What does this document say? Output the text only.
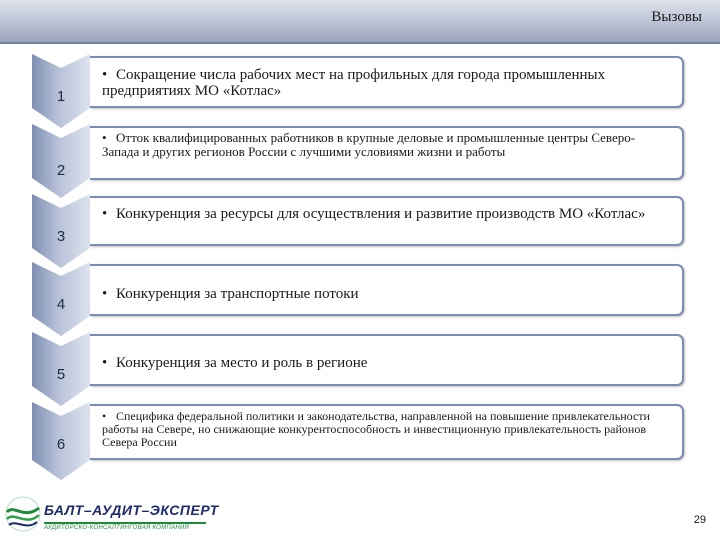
Вызовы
1
• Сокращение числа рабочих мест на профильных для города промышленных предприятиях МО «Котлас»
2
• Отток квалифицированных работников в крупные деловые и промышленные центры Северо-Запада и других регионов России с лучшими условиями жизни и работы
3
• Конкуренция за ресурсы для осуществления и развитие производств МО «Котлас»
4
• Конкуренция за транспортные потоки
5
• Конкуренция за место и роль в регионе
6
• Специфика федеральной политики и законодательства, направленной на повышение привлекательности работы на Севере, но снижающие конкурентоспособность и инвестиционную привлекательность районов Севера России
БАЛТ–АУДИТ–ЭКСПЕРТ
АУДИТОРСКО-КОНСАЛТИНГОВАЯ КОМПАНИЯ
29
